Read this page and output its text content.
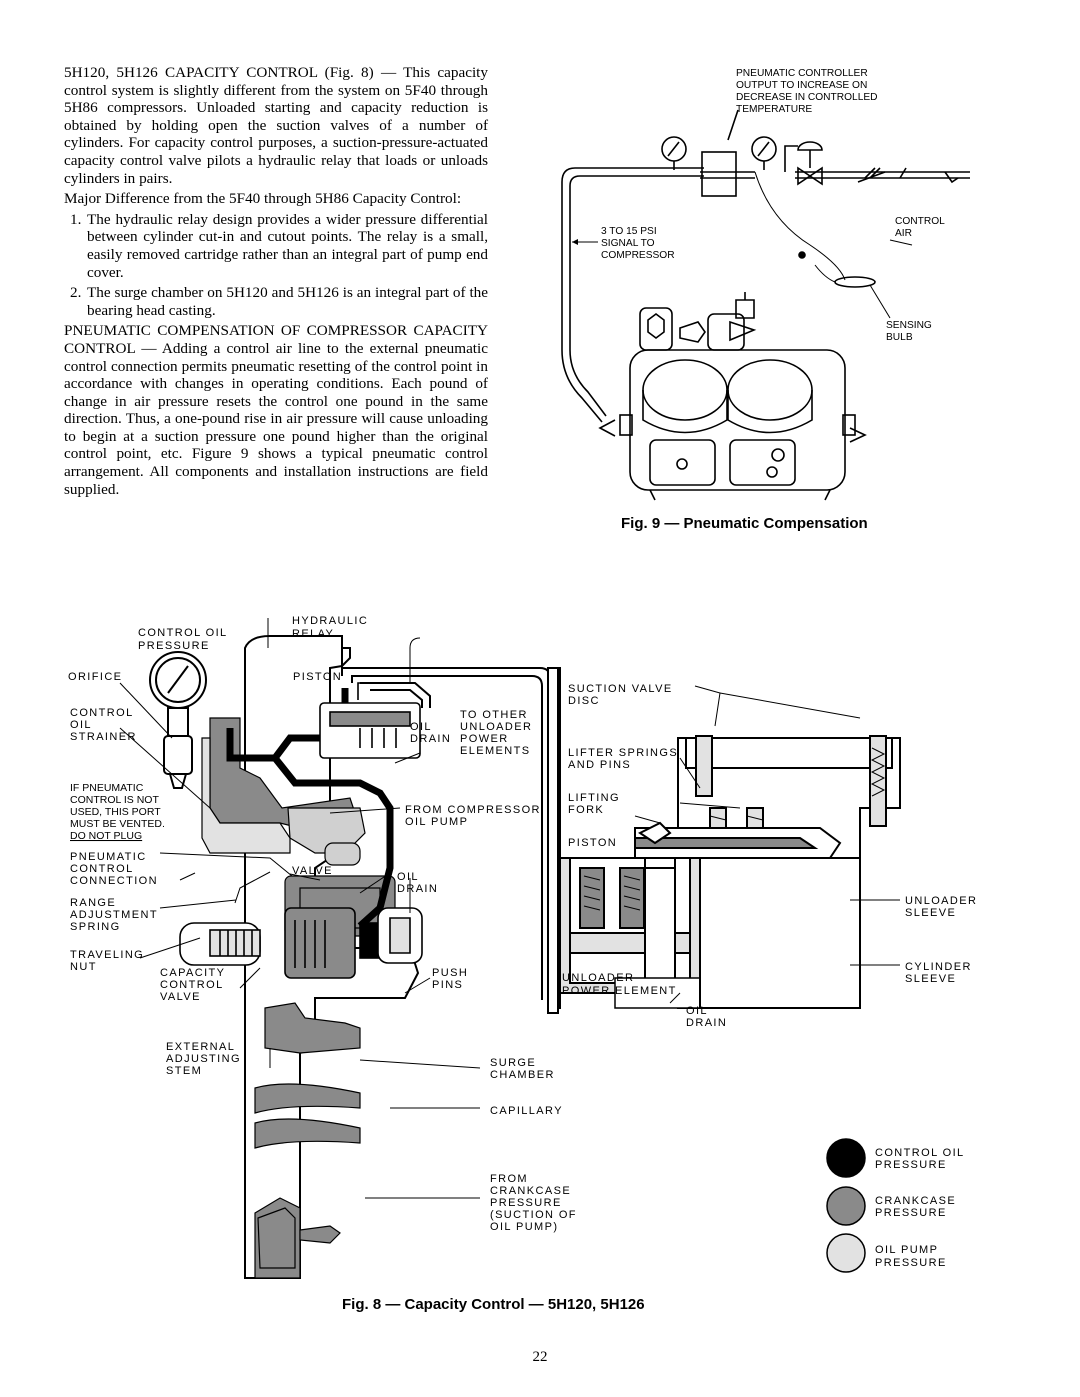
5H120, 5H126 CAPACITY CONTROL (Fig. 8) — This capacity control system is slightly different from the system on 5F40 through 5H86 compressors. Unloaded starting and capacity reduction is obtained by holding open the suction valves of a number of cylinders. For capacity control purposes, a suction-pressure-actuated capacity control valve pilots a hydraulic relay that loads or unloads cylinders in pairs.

Major Difference from the 5F40 through 5H86 Capacity Control:

1. The hydraulic relay design provides a wider pressure differential between cylinder cut-in and cutout points. The relay is a small, easily removed cartridge rather than an integral part of pump end cover.
2. The surge chamber on 5H120 and 5H126 is an integral part of the bearing head casting.

PNEUMATIC COMPENSATION OF COMPRESSOR CAPACITY CONTROL — Adding a control air line to the external pneumatic control connection permits pneumatic resetting of the control point in accordance with changes in operating conditions. Each pound of change in air pressure resets the control one pound in the same direction. Thus, a one-pound rise in air pressure will cause unloading to begin at a suction pressure one pound higher than the original control point, etc. Figure 9 shows a typical pneumatic control arrangement. All components and installation instructions are field supplied.

PNEUMATIC CONTROLLER
OUTPUT TO INCREASE ON
DECREASE IN CONTROLLED
TEMPERATURE
3 TO 15 PSI
SIGNAL TO
COMPRESSOR
CONTROL
AIR
SENSING
BULB
Fig. 9 — Pneumatic Compensation
CONTROL OIL
PRESSURE
HYDRAULIC
RELAY
ORIFICE	PISTON
CONTROL
OIL
STRAINER
OIL
DRAIN
TO OTHER
UNLOADER
POWER
ELEMENTS
FROM COMPRESSOR
OIL PUMP
PNEUMATIC
CONTROL
CONNECTION
VALVE	OIL
DRAIN
RANGE
ADJUSTMENT
SPRING
TRAVELING
NUT	CAPACITY
CONTROL
VALVE
PUSH
PINS
EXTERNAL
ADJUSTING
STEM
SURGE
CHAMBER
CAPILLARY
FROM
CRANKCASE
PRESSURE
(SUCTION OF
OIL PUMP)
SUCTION VALVE
DISC
LIFTER SPRINGS
AND PINS
LIFTING
FORK
PISTON
UNLOADER
SLEEVE
CYLINDER
SLEEVE
UNLOADER
POWER ELEMENT
OIL
DRAIN
IF PNEUMATIC
CONTROL IS NOT
USED, THIS PORT
MUST BE VENTED.
DO NOT PLUG
CONTROL OIL
PRESSURE
CRANKCASE
PRESSURE
OIL PUMP
PRESSURE
Fig. 8 — Capacity Control — 5H120, 5H126
22
